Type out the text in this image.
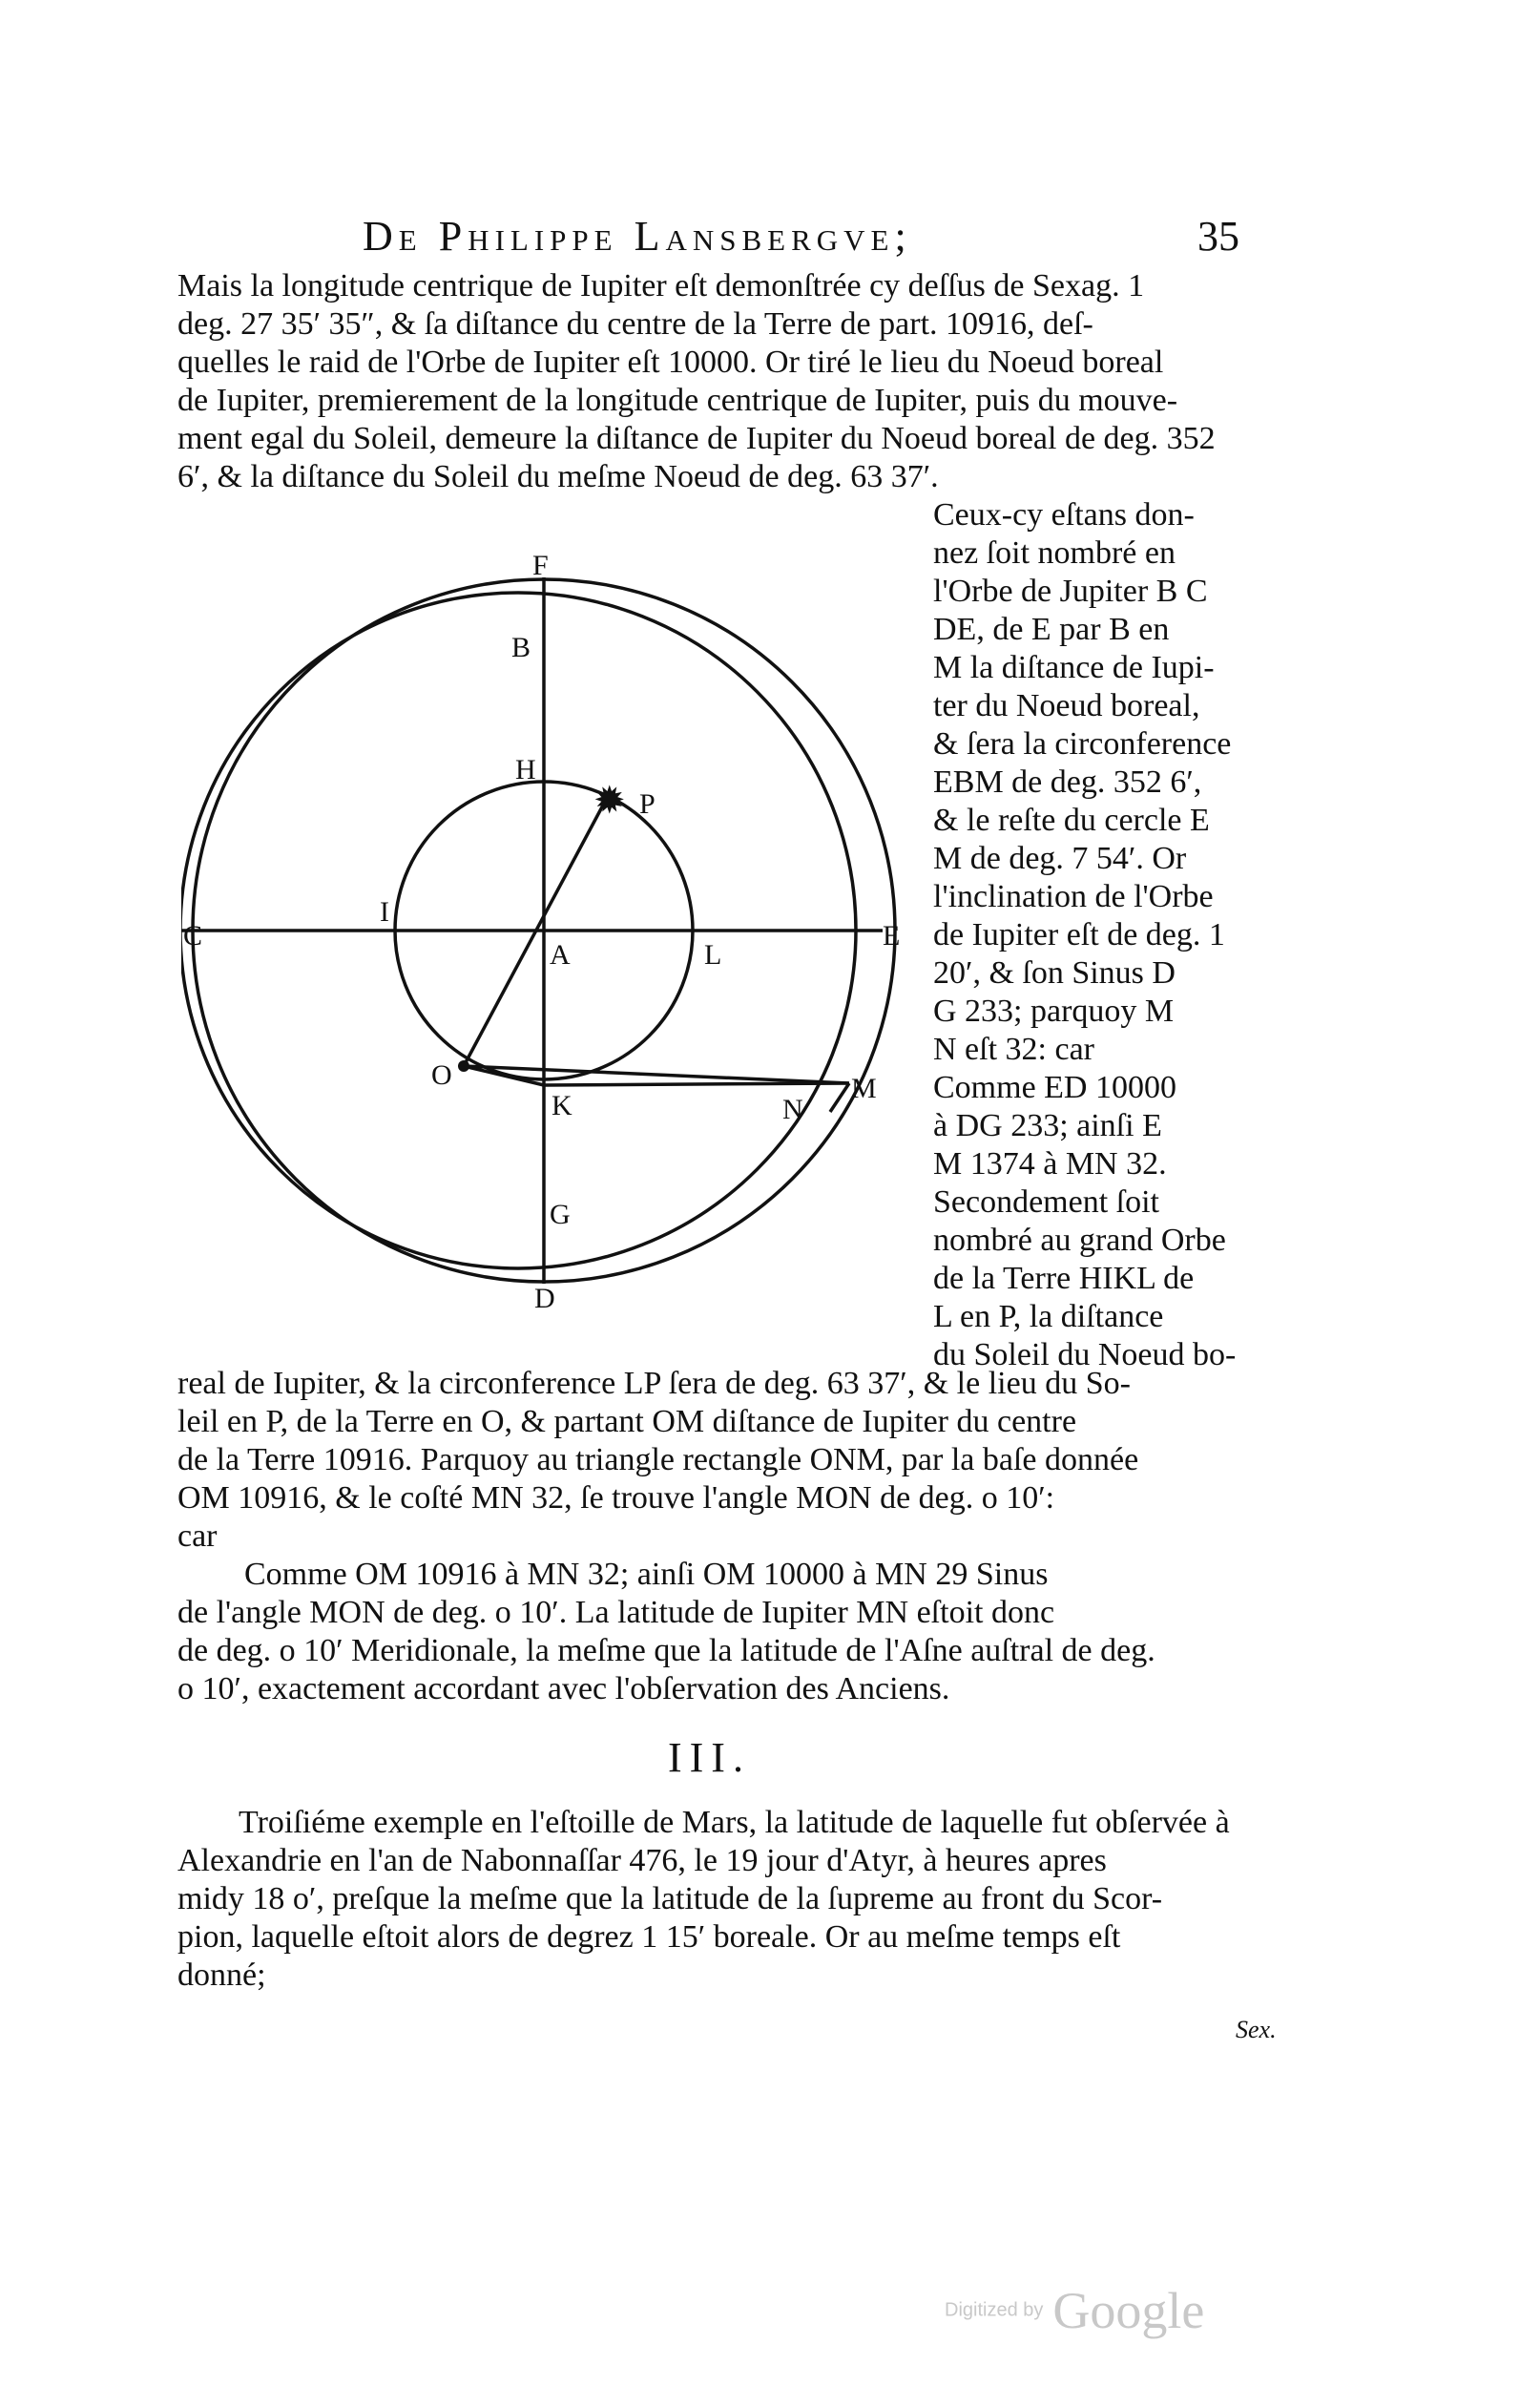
De Philippe Lansbergve;	35
Mais la longitude centrique de Iupiter eſt demonſtrée cy deſſus de Sexag. 1
deg. 27 35′ 35″, & ſa diſtance du centre de la Terre de part. 10916, deſ-
quelles le raid de l'Orbe de Iupiter eſt 10000. Or tiré le lieu du Noeud boreal
de Iupiter, premierement de la longitude centrique de Iupiter, puis du mouve-
ment egal du Soleil, demeure la diſtance de Iupiter du Noeud boreal de deg. 352
6′, & la diſtance du Soleil du meſme Noeud de deg. 63 37′.
✹
F
B
H
P
C
I
A	L
E
O
K	N
M
G
D
Ceux-cy eſtans don-
nez ſoit nombré en
l'Orbe de Jupiter B C
DE, de E par B en
M la diſtance de Iupi-
ter du Noeud boreal,
& ſera la circonference
EBM de deg. 352 6′,
& le reſte du cercle E
M de deg. 7 54′. Or
l'inclination de l'Orbe
de Iupiter eſt de deg. 1
20′, & ſon Sinus D
G 233; parquoy M
N eſt 32: car
Comme ED 10000
à DG 233; ainſi E
M 1374 à MN 32.
Secondement ſoit
nombré au grand Orbe
de la Terre HIKL de
L en P, la diſtance
du Soleil du Noeud bo-
real de Iupiter, & la circonference LP ſera de deg. 63 37′, & le lieu du So-
leil en P, de la Terre en O, & partant OM diſtance de Iupiter du centre
de la Terre 10916. Parquoy au triangle rectangle ONM, par la baſe donnée
OM 10916, & le coſté MN 32, ſe trouve l'angle MON de deg. o 10′:
car
Comme OM 10916 à MN 32; ainſi OM 10000 à MN 29 Sinus
de l'angle MON de deg. o 10′. La latitude de Iupiter MN eſtoit donc
de deg. o 10′ Meridionale, la meſme que la latitude de l'Aſne auſtral de deg.
o 10′, exactement accordant avec l'obſervation des Anciens.
III.
Troiſiéme exemple en l'eſtoille de Mars, la latitude de laquelle fut obſervée à
Alexandrie en l'an de Nabonnaſſar 476, le 19 jour d'Atyr, à heures apres
midy 18 o′, preſque la meſme que la latitude de la ſupreme au front du Scor-
pion, laquelle eſtoit alors de degrez 1 15′ boreale. Or au meſme temps eſt
donné;
Sex.
Digitized by Google
